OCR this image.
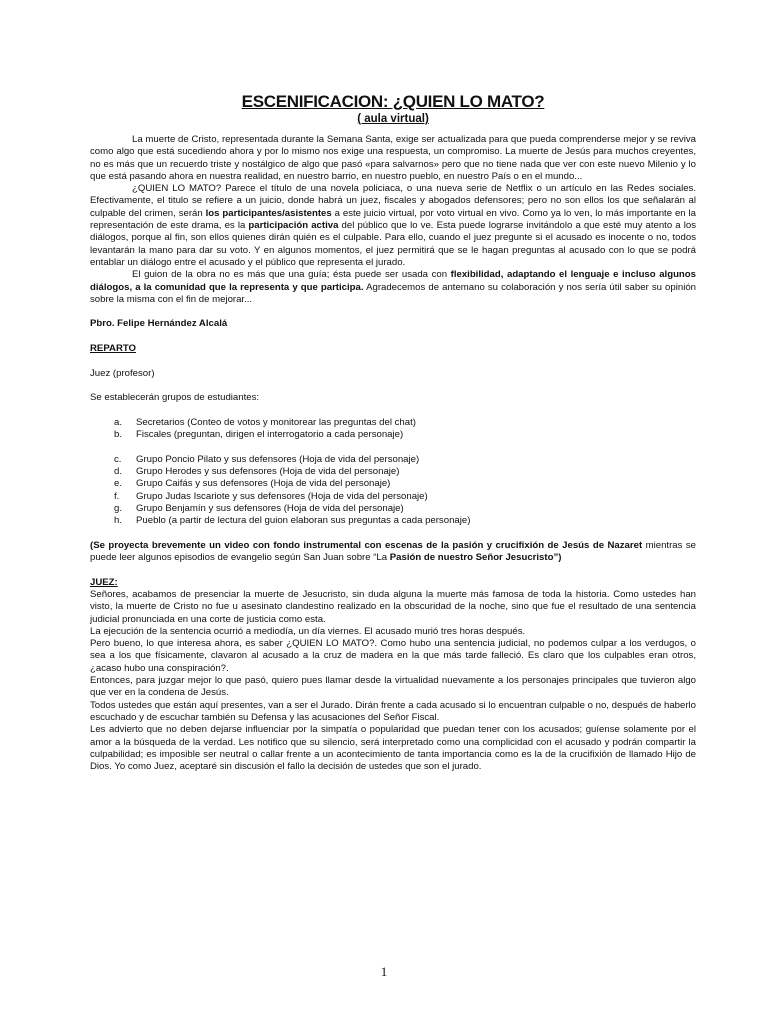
ESCENIFICACION: ¿QUIEN LO MATO?
( aula virtual)

La muerte de Cristo, representada durante la Semana Santa, exige ser actualizada para que pueda comprenderse mejor y se reviva como algo que está sucediendo ahora y por lo mismo nos exige una respuesta, un compromiso. La muerte de Jesús para muchos creyentes, no es más que un recuerdo triste y nostálgico de algo que pasó «para salvarnos» pero que no tiene nada que ver con este nuevo Milenio y lo que está pasando ahora en nuestra realidad, en nuestro barrio, en nuestro pueblo, en nuestro País o en el mundo...

¿QUIEN LO MATO? Parece el título de una novela policiaca, o una nueva serie de Netflix o un artículo en las Redes sociales. Efectivamente, el titulo se refiere a un juicio, donde habrá un juez, fiscales y abogados defensores; pero no son ellos los que señalarán al culpable del crimen, serán los participantes/asistentes a este juicio virtual, por voto virtual en vivo. Como ya lo ven, lo más importante en la representación de este drama, es la participación activa del público que lo ve. Esta puede lograrse invitándolo a que esté muy atento a los diálogos, porque al fin, son ellos quienes dirán quién es el culpable. Para ello, cuando el juez pregunte si el acusado es inocente o no, todos levantarán la mano para dar su voto. Y en algunos momentos, el juez permitirá que se le hagan preguntas al acusado con lo que se podrá entablar un diálogo entre el acusado y el público que representa el jurado.

El guion de la obra no es más que una guía; ésta puede ser usada con flexibilidad, adaptando el lenguaje e incluso algunos diálogos, a la comunidad que la representa y que participa. Agradecemos de antemano su colaboración y nos sería útil saber su opinión sobre la misma con el fin de mejorar...

Pbro. Felipe Hernández Alcalá

REPARTO

Juez (profesor)

Se establecerán grupos de estudiantes:

a.	Secretarios (Conteo de votos y monitorear las preguntas del chat)
b.	Fiscales (preguntan, dirigen el interrogatorio a cada personaje)
c.	Grupo Poncio Pilato y sus defensores (Hoja de vida del personaje)
d.	Grupo Herodes y sus defensores (Hoja de vida del personaje)
e.	Grupo Caifás y sus defensores (Hoja de vida del personaje)
f.	Grupo Judas Iscariote y sus defensores (Hoja de vida del personaje)
g.	Grupo Benjamín y sus defensores (Hoja de vida del personaje)
h.	Pueblo (a partir de lectura del guion elaboran sus preguntas a cada personaje)

(Se proyecta brevemente un video con fondo instrumental con escenas de la pasión y crucifixión de Jesús de Nazaret mientras se puede leer algunos episodios de evangelio según San Juan sobre “La Pasión de nuestro Señor Jesucristo”)

JUEZ:

Señores, acabamos de presenciar la muerte de Jesucristo, sin duda alguna la muerte más famosa de toda la historia. Como ustedes han visto, la muerte de Cristo no fue u asesinato clandestino realizado en la obscuridad de la noche, sino que fue el resultado de una sentencia judicial pronunciada en una corte de justicia como esta.

La ejecución de la sentencia ocurrió a mediodía, un día viernes. El acusado murió tres horas después.

Pero bueno, lo que interesa ahora, es saber ¿QUIEN LO MATO?. Como hubo una sentencia judicial, no podemos culpar a los verdugos, o sea a los que físicamente, clavaron al acusado a la cruz de madera en la que más tarde falleció. Es claro que los culpables eran otros, ¿acaso hubo una conspiración?.

Entonces, para juzgar mejor lo que pasó, quiero pues llamar desde la virtualidad nuevamente a los personajes principales que tuvieron algo que ver en la condena de Jesús.

Todos ustedes que están aquí presentes, van a ser el Jurado. Dirán frente a cada acusado si lo encuentran culpable o no, después de haberlo escuchado y de escuchar también su Defensa y las acusaciones del Señor Fiscal.

Les advierto que no deben dejarse influenciar por la simpatía o popularidad que puedan tener con los acusados; guíense solamente por el amor a la búsqueda de la verdad. Les notifico que su silencio, será interpretado como una complicidad con el acusado y podrán compartir la culpabilidad; es imposible ser neutral o callar frente a un acontecimiento de tanta importancia como es la de la crucifixión de llamado Hijo de Dios. Yo como Juez, aceptaré sin discusión el fallo la decisión de ustedes que son el jurado.

1
